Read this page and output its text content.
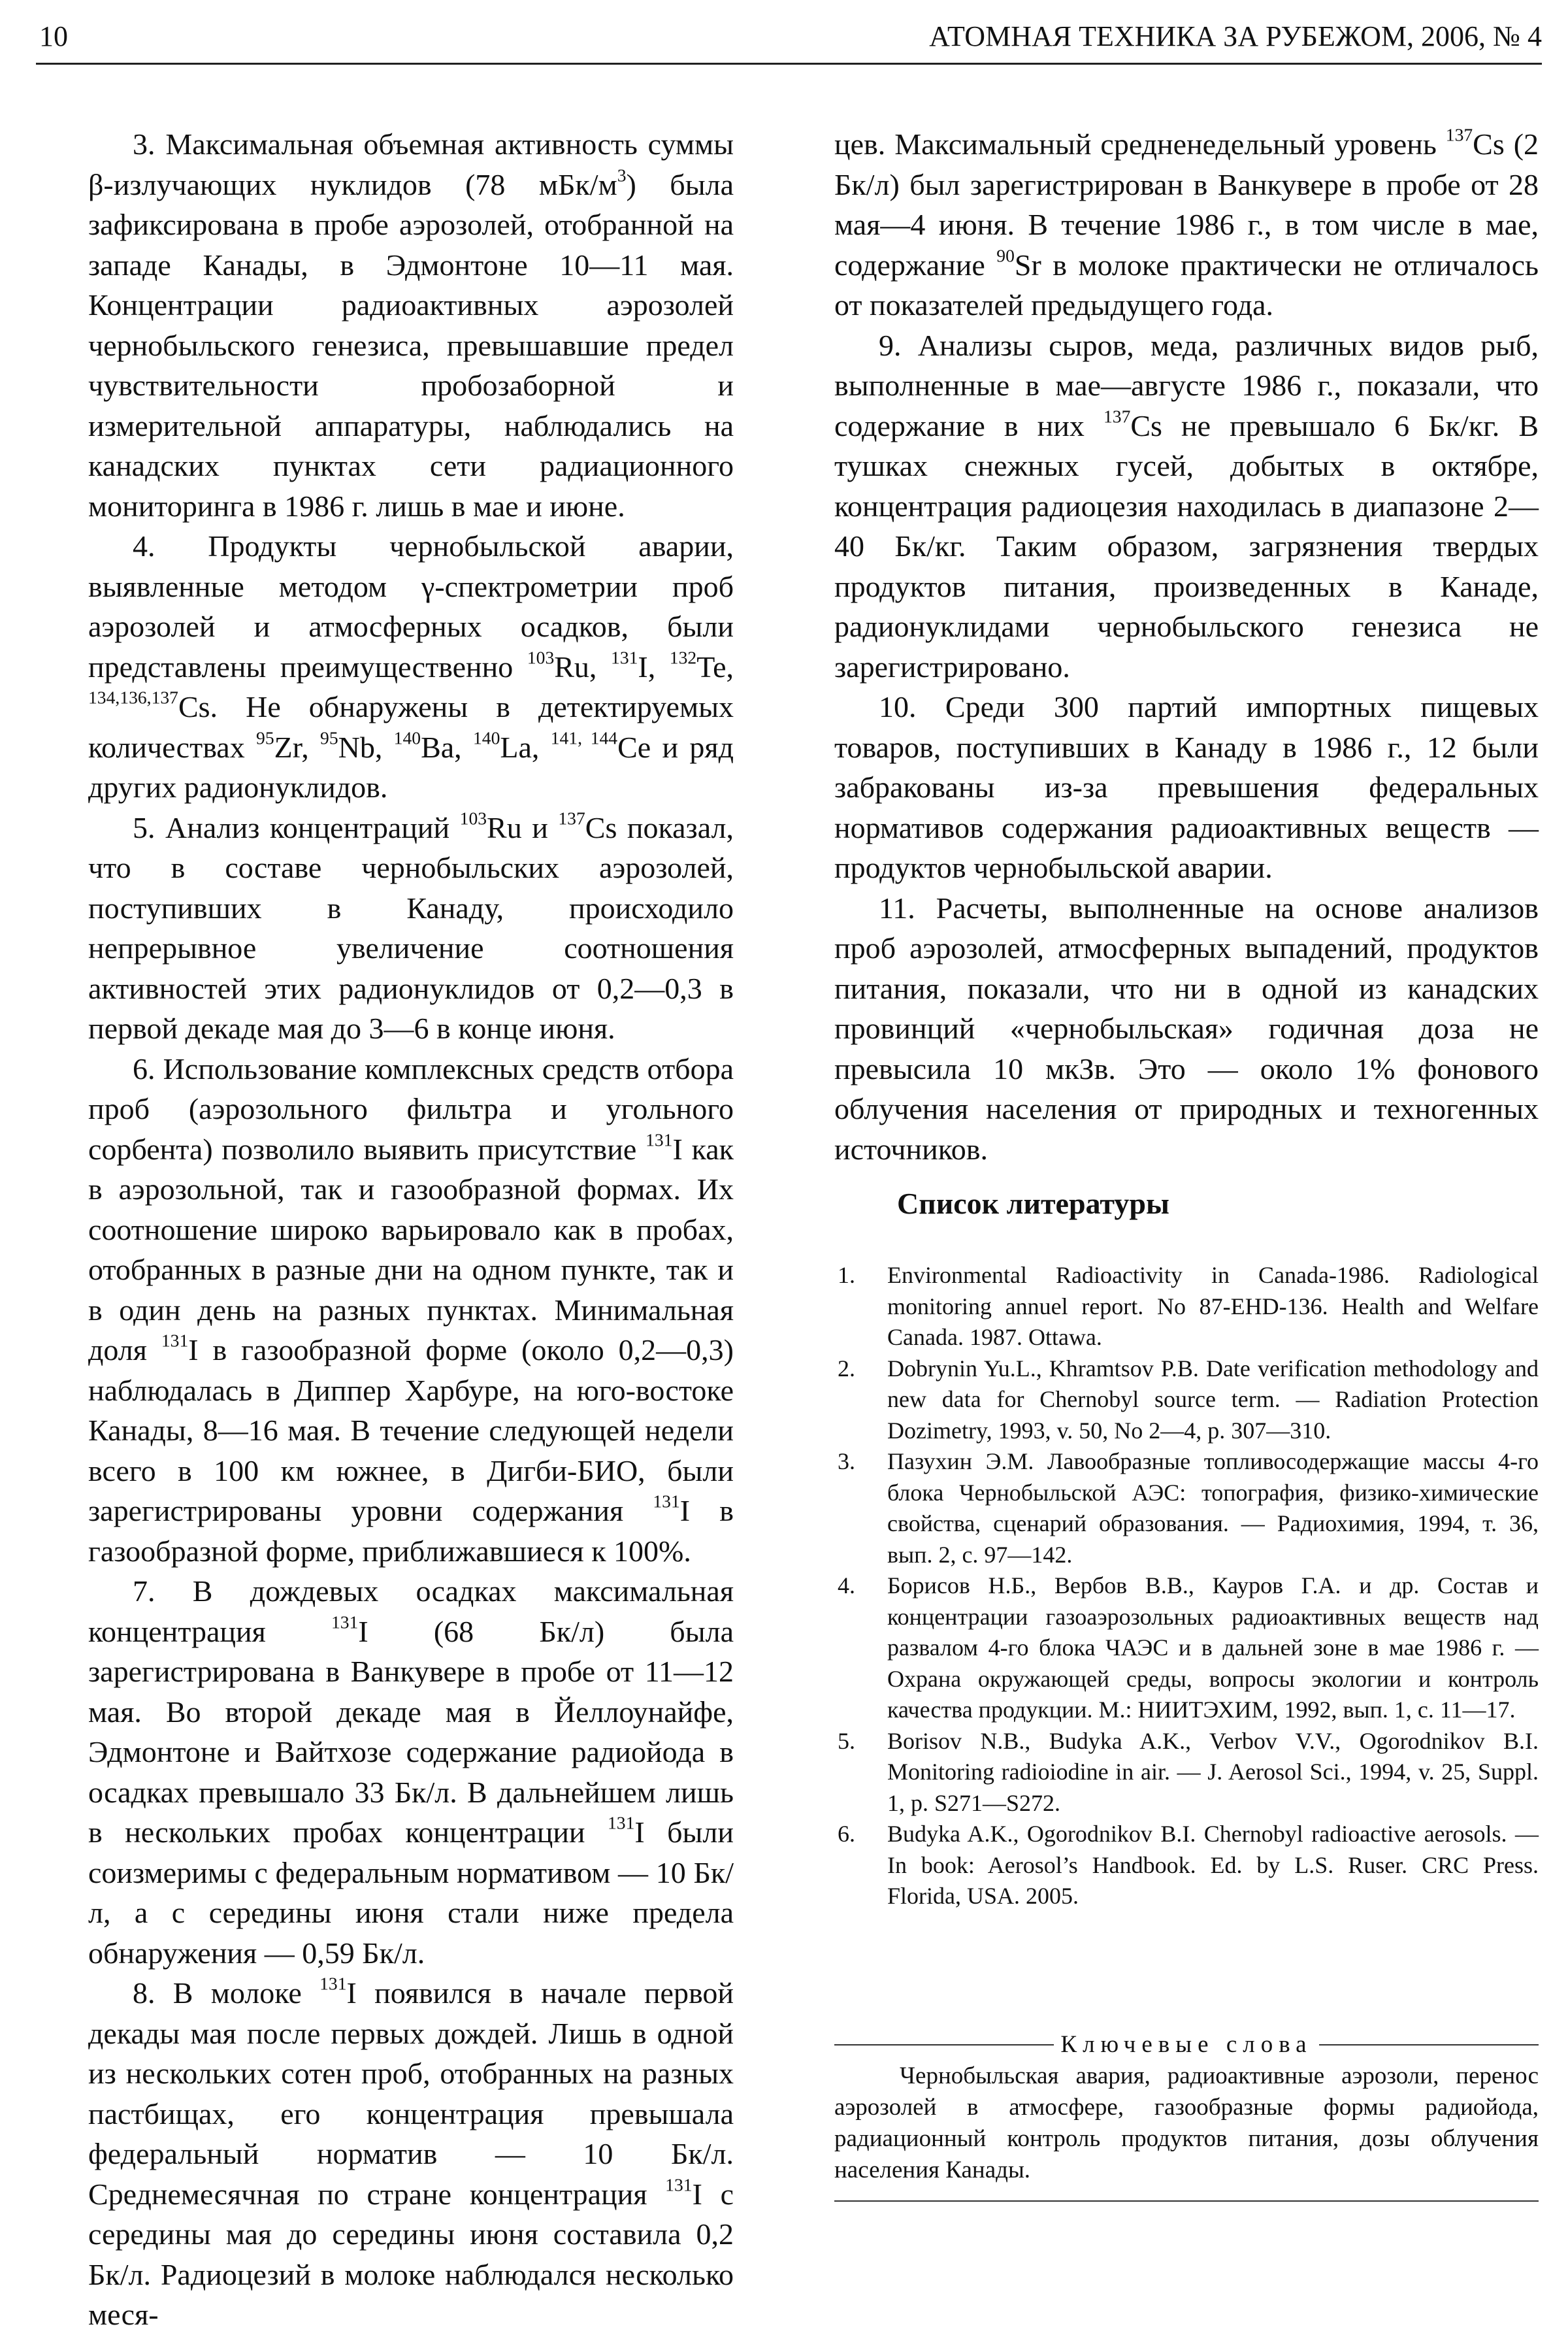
10	АТОМНАЯ ТЕХНИКА ЗА РУБЕЖОМ, 2006, № 4

3. Максимальная объемная активность суммы β-излучающих нуклидов (78 мБк/$м^3$) была зафиксирована в пробе аэрозолей, отобранной на западе Канады, в Эдмонтоне 10—11 мая. Концентрации радиоактивных аэрозолей чернобыльского генезиса, превышавшие предел чувствительности пробозаборной и измерительной аппаратуры, наблюдались на канадских пунктах сети радиационного мониторинга в 1986 г. лишь в мае и июне.

4. Продукты чернобыльской аварии, выявленные методом γ-спектрометрии проб аэрозолей и атмосферных осадков, были представлены преимущественно $^{103}$Ru, $^{131}$I, $^{132}$Te, $^{134,136,137}$Cs. Не обнаружены в детектируемых количествах $^{95}$Zr, $^{95}$Nb, $^{140}$Ba, $^{140}$La, $^{141, 144}$Ce и ряд других радионуклидов.

5. Анализ концентраций $^{103}$Ru и $^{137}$Cs показал, что в составе чернобыльских аэрозолей, поступивших в Канаду, происходило непрерывное увеличение соотношения активностей этих радионуклидов от 0,2—0,3 в первой декаде мая до 3—6 в конце июня.

6. Использование комплексных средств отбора проб (аэрозольного фильтра и угольного сорбента) позволило выявить присутствие $^{131}$I как в аэрозольной, так и газообразной формах. Их соотношение широко варьировало как в пробах, отобранных в разные дни на одном пункте, так и в один день на разных пунктах. Минимальная доля $^{131}$I в газообразной форме (около 0,2—0,3) наблюдалась в Диппер Харбуре, на юго-востоке Канады, 8—16 мая. В течение следующей недели всего в 100 км южнее, в Дигби-БИО, были зарегистрированы уровни содержания $^{131}$I в газообразной форме, приближавшиеся к 100%.

7. В дождевых осадках максимальная концентрация $^{131}$I (68 Бк/л) была зарегистрирована в Ванкувере в пробе от 11—12 мая. Во второй декаде мая в Йеллоунайфе, Эдмонтоне и Вайтхозе содержание радиойода в осадках превышало 33 Бк/л. В дальнейшем лишь в нескольких пробах концентрации $^{131}$I были соизмеримы с федеральным нормативом — 10 Бк/л, а с середины июня стали ниже предела обнаружения — 0,59 Бк/л.

8. В молоке $^{131}$I появился в начале первой декады мая после первых дождей. Лишь в одной из нескольких сотен проб, отобранных на разных пастбищах, его концентрация превышала федеральный норматив — 10 Бк/л. Среднемесячная по стране концентрация $^{131}$I с середины мая до середины июня составила 0,2 Бк/л. Радиоцезий в молоке наблюдался несколько меся-

цев. Максимальный средненедельный уровень $^{137}$Cs (2 Бк/л) был зарегистрирован в Ванкувере в пробе от 28 мая—4 июня. В течение 1986 г., в том числе в мае, содержание $^{90}$Sr в молоке практически не отличалось от показателей предыдущего года.

9. Анализы сыров, меда, различных видов рыб, выполненные в мае—августе 1986 г., показали, что содержание в них $^{137}$Cs не превышало 6 Бк/кг. В тушках снежных гусей, добытых в октябре, концентрация радиоцезия находилась в диапазоне 2—40 Бк/кг. Таким образом, загрязнения твердых продуктов питания, произведенных в Канаде, радионуклидами чернобыльского генезиса не зарегистрировано.

10. Среди 300 партий импортных пищевых товаров, поступивших в Канаду в 1986 г., 12 были забракованы из-за превышения федеральных нормативов содержания радиоактивных веществ — продуктов чернобыльской аварии.

11. Расчеты, выполненные на основе анализов проб аэрозолей, атмосферных выпадений, продуктов питания, показали, что ни в одной из канадских провинций «чернобыльская» годичная доза не превысила 10 мкЗв. Это — около 1% фонового облучения населения от природных и техногенных источников.

Список литературы
1.	Environmental Radioactivity in Canada-1986. Radiological monitoring annuel report. No 87-EHD-136. Health and Welfare Canada. 1987. Ottawa.
2.	Dobrynin Yu.L., Khramtsov P.B. Date verification methodology and new data for Chernobyl source term. — Radiation Protection Dozimetry, 1993, v. 50, No 2—4, p. 307—310.
3.	Пазухин Э.М. Лавообразные топливосодержащие массы 4-го блока Чернобыльской АЭС: топография, физико-химические свойства, сценарий образования. — Радиохимия, 1994, т. 36, вып. 2, с. 97—142.
4.	Борисов Н.Б., Вербов В.В., Кауров Г.А. и др. Состав и концентрации газоаэрозольных радиоактивных веществ над развалом 4-го блока ЧАЭС и в дальней зоне в мае 1986 г. — Охрана окружающей среды, вопросы экологии и контроль качества продукции. М.: НИИТЭХИМ, 1992, вып. 1, с. 11—17.
5.	Borisov N.B., Budyka A.K., Verbov V.V., Ogorodnikov B.I. Monitoring radioiodine in air. — J. Aerosol Sci., 1994, v. 25, Suppl. 1, p. S271—S272.
6.	Budyka A.K., Ogorodnikov B.I. Chernobyl radioactive aerosols. — In book: Aerosol’s Handbook. Ed. by L.S. Ruser. CRC Press. Florida, USA. 2005.
Ключевые слова

Чернобыльская авария, радиоактивные аэрозоли, перенос аэрозолей в атмосфере, газообразные формы радиойода, радиационный контроль продуктов питания, дозы облучения населения Канады.
